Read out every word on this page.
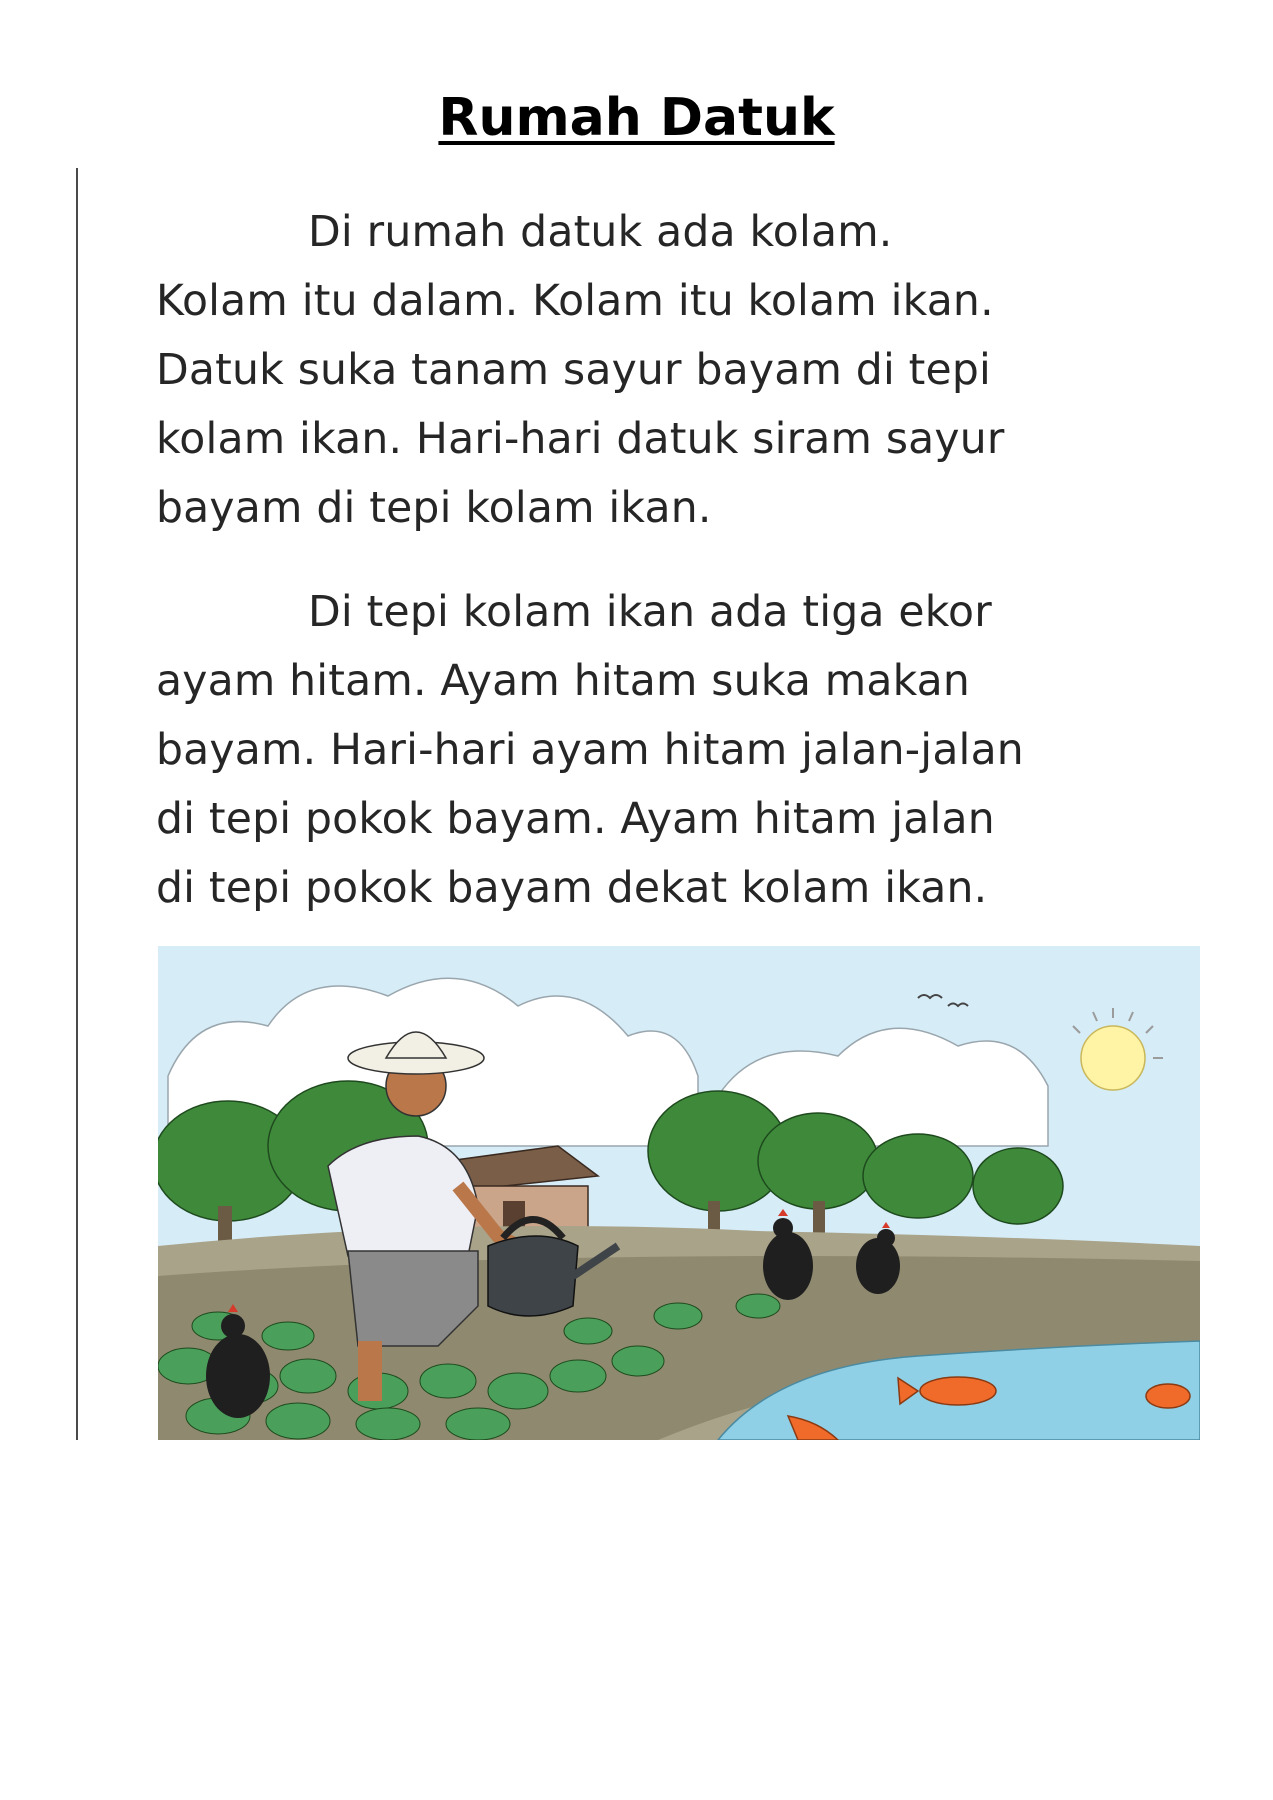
Rumah Datuk

Di rumah datuk ada kolam.
Kolam itu dalam. Kolam itu kolam ikan.
Datuk suka tanam sayur bayam di tepi
kolam ikan. Hari-hari datuk siram sayur
bayam di tepi kolam ikan.

Di tepi kolam ikan ada tiga ekor
ayam hitam. Ayam hitam suka makan
bayam. Hari-hari ayam hitam jalan-jalan
di tepi pokok bayam. Ayam hitam jalan
di tepi pokok bayam dekat kolam ikan.
